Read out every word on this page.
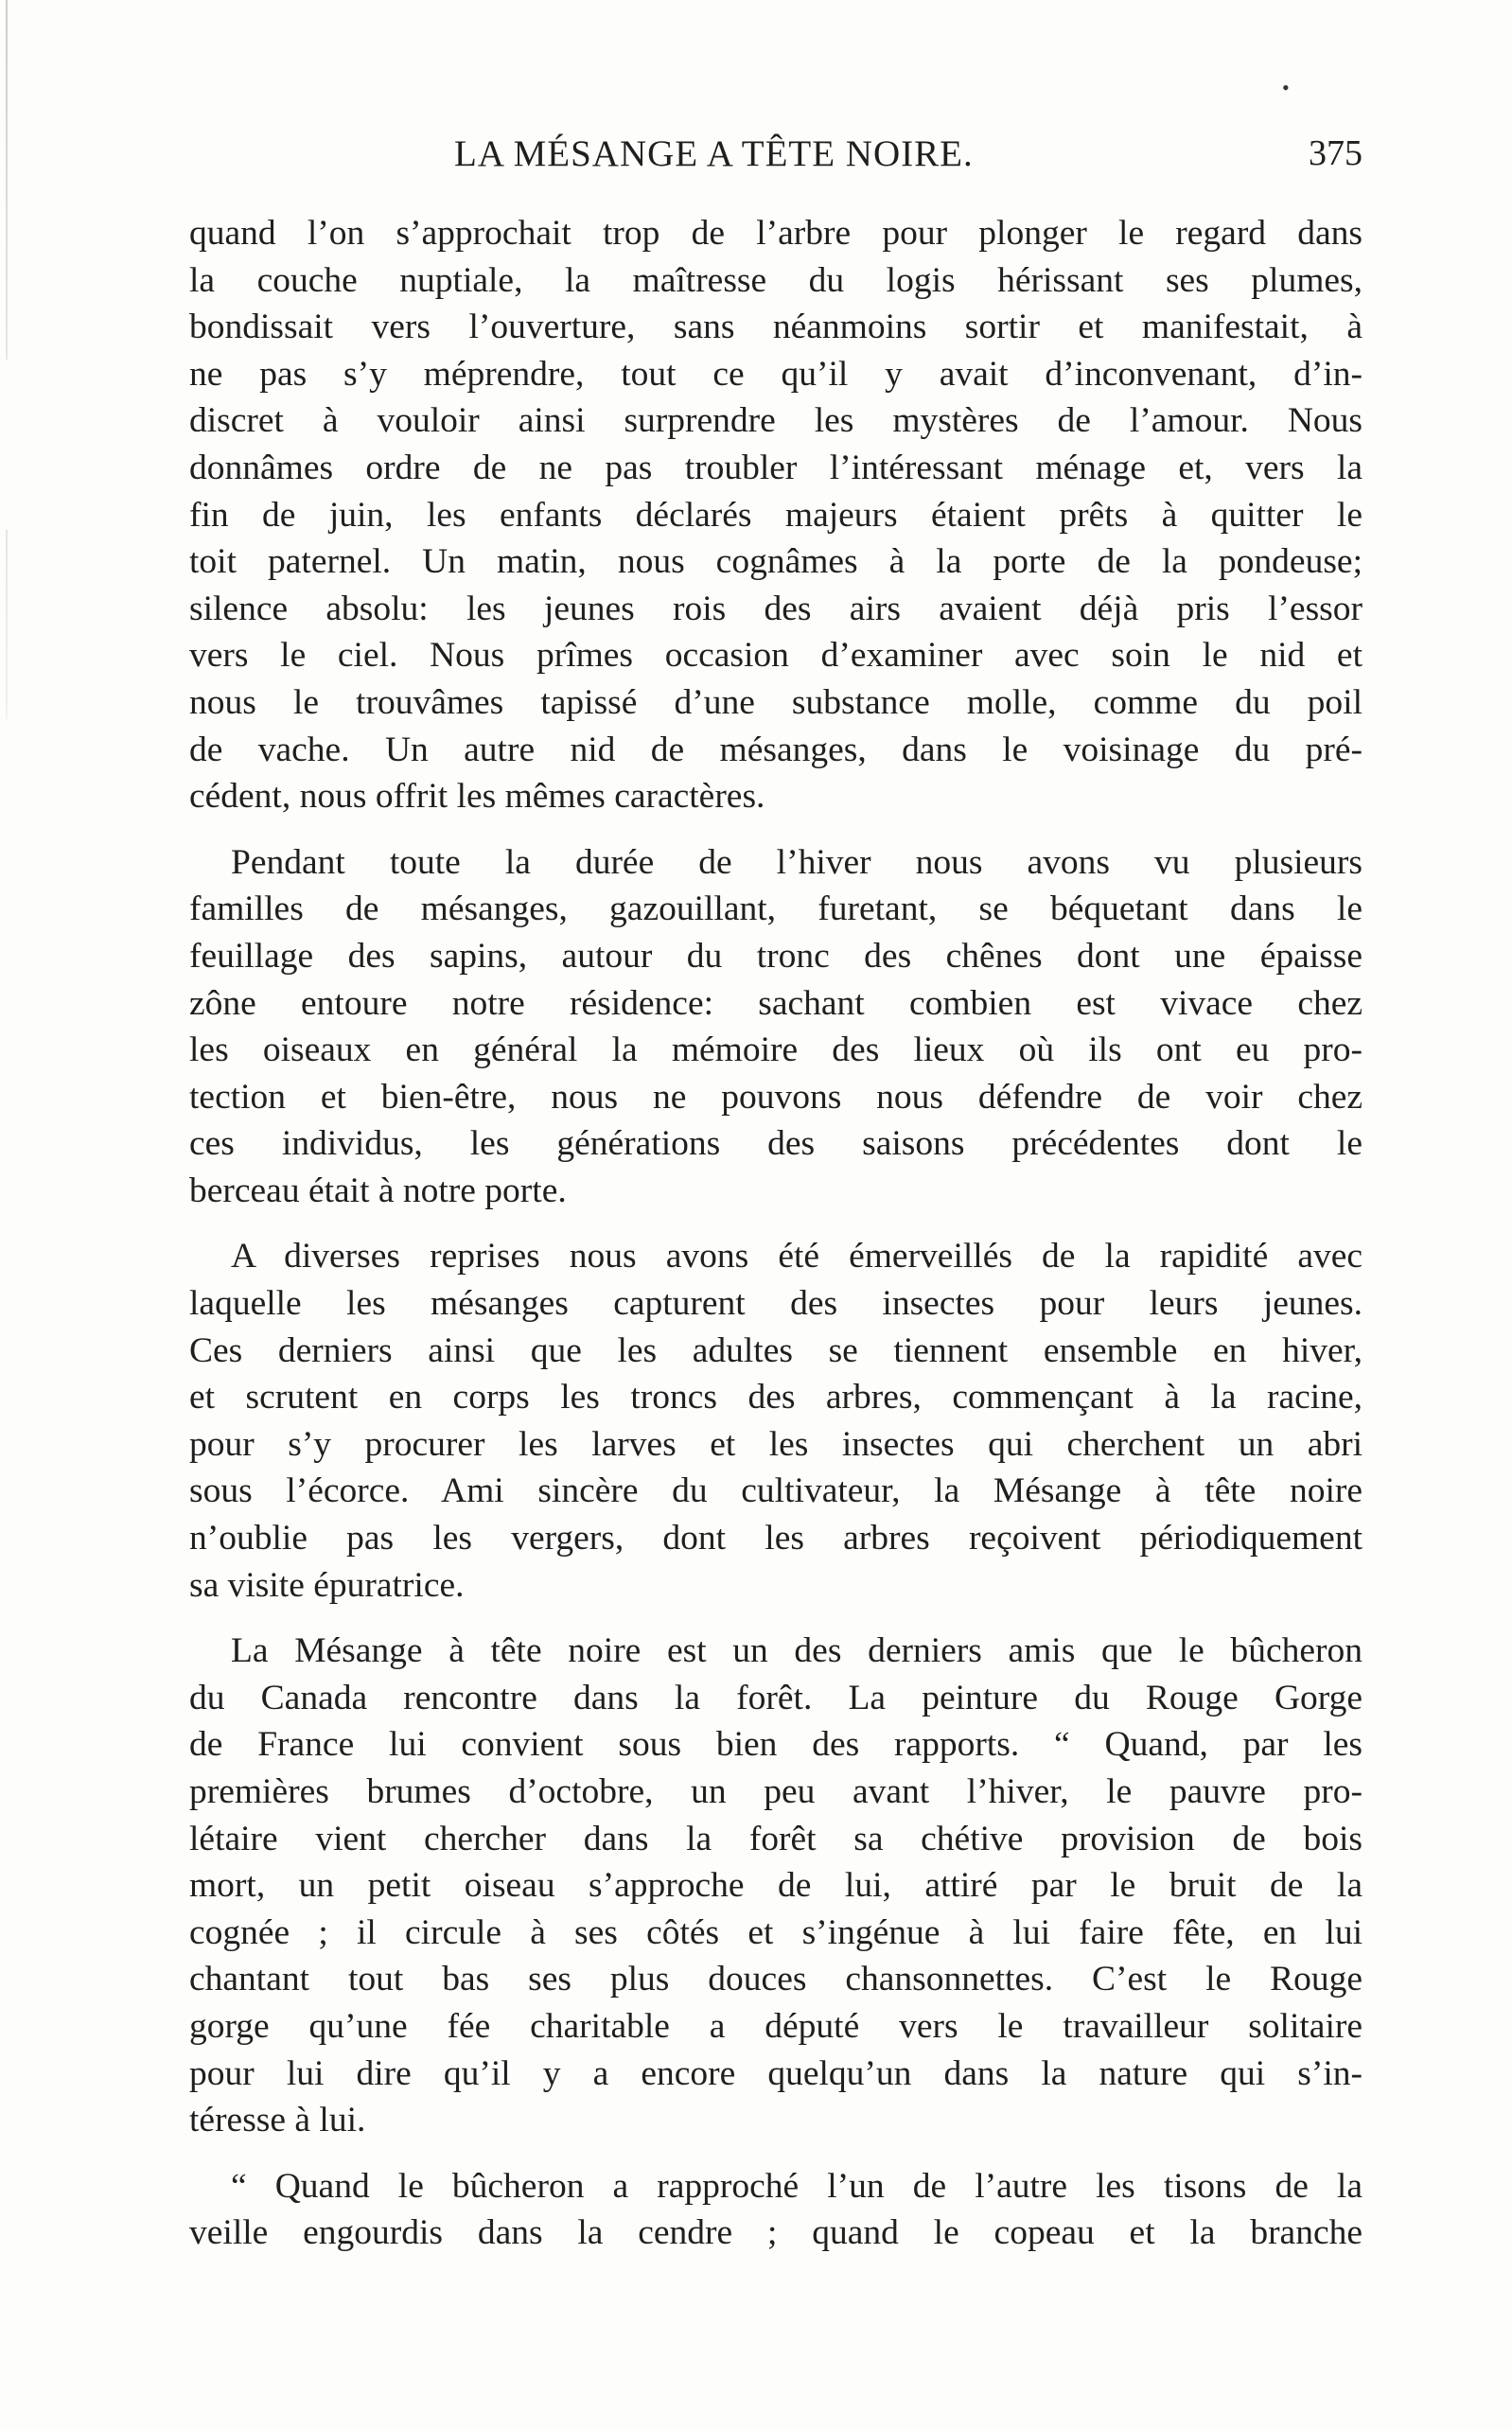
•
LA MÉSANGE A TÊTE NOIRE.	375

quand l’on s’approchait trop de l’arbre pour plonger le regard dans
la couche nuptiale, la maîtresse du logis hérissant ses plumes,
bondissait vers l’ouverture, sans néanmoins sortir et manifestait, à
ne pas s’y méprendre, tout ce qu’il y avait d’inconvenant, d’in-
discret à vouloir ainsi surprendre les mystères de l’amour. Nous
donnâmes ordre de ne pas troubler l’intéressant ménage et, vers la
fin de juin, les enfants déclarés majeurs étaient prêts à quitter le
toit paternel. Un matin, nous cognâmes à la porte de la pondeuse;
silence absolu: les jeunes rois des airs avaient déjà pris l’essor
vers le ciel. Nous prîmes occasion d’examiner avec soin le nid et
nous le trouvâmes tapissé d’une substance molle, comme du poil
de vache. Un autre nid de mésanges, dans le voisinage du pré-
cédent, nous offrit les mêmes caractères.

Pendant toute la durée de l’hiver nous avons vu plusieurs
familles de mésanges, gazouillant, furetant, se béquetant dans le
feuillage des sapins, autour du tronc des chênes dont une épaisse
zône entoure notre résidence: sachant combien est vivace chez
les oiseaux en général la mémoire des lieux où ils ont eu pro-
tection et bien-être, nous ne pouvons nous défendre de voir chez
ces individus, les générations des saisons précédentes dont le
berceau était à notre porte.

A diverses reprises nous avons été émerveillés de la rapidité avec
laquelle les mésanges capturent des insectes pour leurs jeunes.
Ces derniers ainsi que les adultes se tiennent ensemble en hiver,
et scrutent en corps les troncs des arbres, commençant à la racine,
pour s’y procurer les larves et les insectes qui cherchent un abri
sous l’écorce. Ami sincère du cultivateur, la Mésange à tête noire
n’oublie pas les vergers, dont les arbres reçoivent périodiquement
sa visite épuratrice.

La Mésange à tête noire est un des derniers amis que le bûcheron
du Canada rencontre dans la forêt. La peinture du Rouge Gorge
de France lui convient sous bien des rapports. “ Quand, par les
premières brumes d’octobre, un peu avant l’hiver, le pauvre pro-
létaire vient chercher dans la forêt sa chétive provision de bois
mort, un petit oiseau s’approche de lui, attiré par le bruit de la
cognée ; il circule à ses côtés et s’ingénue à lui faire fête, en lui
chantant tout bas ses plus douces chansonnettes. C’est le Rouge
gorge qu’une fée charitable a député vers le travailleur solitaire
pour lui dire qu’il y a encore quelqu’un dans la nature qui s’in-
téresse à lui.

“ Quand le bûcheron a rapproché l’un de l’autre les tisons de la
veille engourdis dans la cendre ; quand le copeau et la branche
